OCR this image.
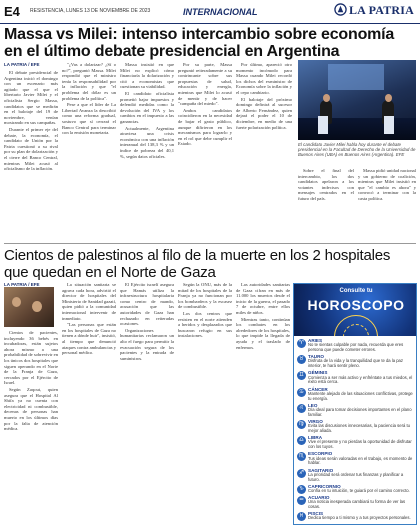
E4 RESISTENCIA, LUNES 13 DE NOVIEMBRE DE 2023	INTERNACIONAL	LA PATRIA
Massa vs Milei: intenso intercambio sobre economía en el último debate presidencial en Argentina
LA PATRIA / EFE

El debate presidencial de Argentina inició el domingo con un escenario más agitado que el que el libertario Javier Milei y el oficialista Sergio Massa, candidatos que se medirán en el balotaje del 19 de noviembre, venían mostrando en sus campañas.

Durante el primer eje del debate, la economía, el candidato de Unión por la Patria cuestionó a su rival por su plan de dolarización y el cierre del Banco Central, mientras Milei acusó al oficialismo de la inflación.

"¿Vas a dolarizar? ¿Sí o no?", preguntó Massa. Milei respondió que el ministro tenía la responsabilidad por la inflación y que "el problema del dólar es un problema de la política".

Pese a que el líder de La Libertad Avanza la describió como una reforma gradual, sostuvo que sí cerrará el Banco Central para terminar con la emisión monetaria.

Massa insistió en que Milei no explicó cómo financiaría la dolarización y citó a economistas que cuestionan su viabilidad.

El candidato oficialista prometió bajar impuestos y defendió medidas como la devolución del IVA y los cambios en el impuesto a las ganancias.

Actualmente, Argentina atraviesa una crisis económica con una inflación interanual del 138,3 % y un índice de pobreza del 40,1 %, según datos oficiales.

Por su parte, Massa preguntó reiteradamente a su contrincante sobre sus propuestas de salud, educación y energía, mientras que Milei lo acusó de mentir y de hacer "campaña del miedo".

Ambos candidatos coincidieron en la necesidad de bajar el gasto público, aunque difirieron en los mecanismos para lograrlo y en el rol que debe cumplir el Estado.

Por último, apareció otro momento incómodo para Massa cuando Milei recordó los dichos del exministro de Economía sobre la inflación y el cepo cambiario.

El balotaje del próximo domingo definirá al sucesor de Alberto Fernández, quien dejará el poder el 10 de diciembre, en medio de una fuerte polarización política.

El candidato Javier Milei habla hoy durante el debate presidencial en la Facultad de Derecho de la Universidad de Buenos Aires (UBA) en Buenos Aires (Argentina). EFE

Sobre el final del intercambio, los dos candidatos apelaron a los votantes indecisos con mensajes centrados en el futuro del país.

Massa pidió unidad nacional y un gobierno de coalición, mientras que Milei insistió en que "el cambio es ahora" y convocó a terminar con la casta política.

Cientos de palestinos al filo de la muerte en los 2 hospitales que quedan en el Norte de Gaza
LA PATRIA / EFE

Cientos de pacientes, incluyendo 36 bebés en incubadoras, están sujetos ahora mismo a una probabilidad de sobrevivir en los únicos dos hospitales que siguen operando en el Norte de la Franja de Gaza, cercados por el Ejército de Israel.

Según Zaqout, quien asegura que el Hospital Al Shifa ya no cuenta con electricidad ni combustible, decenas de personas han muerto en los últimos días por la falta de atención médica.

La situación sanitaria se agrava cada hora, advirtió el director de hospitales del Ministerio de Sanidad gazatí, quien pidió a la comunidad internacional intervenir de inmediato.

"Las personas que están en los hospitales de Gaza no tienen a dónde huir", insistió, al tiempo que denunció ataques contra ambulancias y personal médico.

El Ejército israelí asegura que Hamás utiliza la infraestructura hospitalaria como centro de mando, acusación que las autoridades de Gaza han rechazado en reiteradas ocasiones.

Organizaciones humanitarias reclamaron un alto el fuego para permitir la evacuación segura de los pacientes y la entrada de suministros.

Según la ONU, más de la mitad de los hospitales de la Franja ya no funcionan por los bombardeos y la escasez de combustible.

Los dos centros que resisten en el norte atienden a heridos y desplazados que buscaron refugio en sus instalaciones.

Las autoridades sanitarias de Gaza cifran en más de 11.000 los muertos desde el inicio de la guerra, el pasado 7 de octubre, entre ellos miles de niños.

Mientras tanto, continúan los combates en los alrededores de los hospitales, lo que impide la llegada de ayuda y el traslado de enfermos.

Consulte tu
HOROSCOPO
♈ ARIES
No te sientas culpable por nada, recuerda que eres persona que puede cometer errores.
♉ TAURO
Disfruta de la vida y la tranquilidad que te da la paz interior, te hará sentir pleno.
♊ GÉMINIS
Comienza a ser más activo y enfréntate a tus miedos, el éxito está cerca.
♋ CÁNCER
Mantente alejado de las situaciones conflictivas, protege tu energía.
♌ LEO
Día ideal para tomar decisiones importantes en el plano familiar.
♍ VIRGO
Evita las discusiones innecesarias, la paciencia será tu mejor aliada.
♎ LIBRA
Vive el presente y no pierdas la oportunidad de disfrutar con los tuyos.
♏ ESCORPIO
Tus ideas serán valoradas en el trabajo, es momento de hablar.
♐ SAGITARIO
La prioridad será ordenar tus finanzas y planificar a futuro.
♑ CAPRICORNIO
Confía en tu intuición, te guiará por el camino correcto.
♒ ACUARIO
Una noticia inesperada cambiará tu forma de ver las cosas.
♓ PISCIS
Dedica tiempo a ti mismo y a tus proyectos personales.
